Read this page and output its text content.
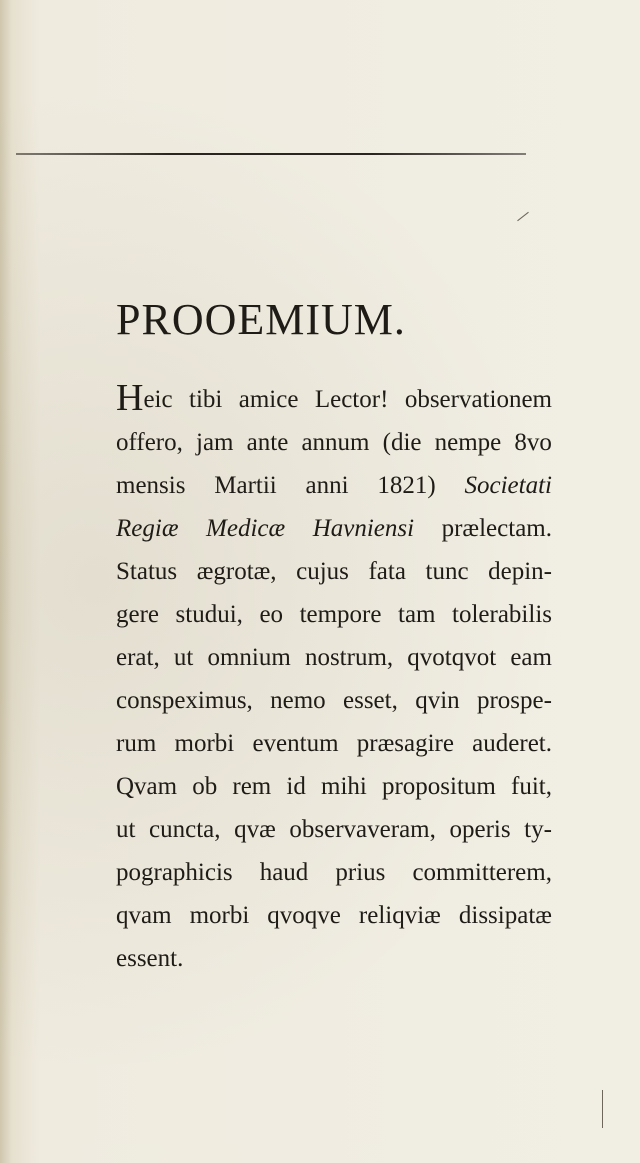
PROOEMIUM.
Heic tibi amice Lector! observationem
offero, jam ante annum (die nempe 8vo
mensis Martii anni 1821) Societati
Regiæ Medicæ Havniensi prælectam.
Status ægrotæ, cujus fata tunc depin-
gere studui, eo tempore tam tolerabilis
erat, ut omnium nostrum, qvotqvot eam
conspeximus, nemo esset, qvin prospe-
rum morbi eventum præsagire auderet.
Qvam ob rem id mihi propositum fuit,
ut cuncta, qvæ observaveram, operis ty-
pographicis haud prius committerem,
qvam morbi qvoqve reliqviæ dissipatæ
essent.
